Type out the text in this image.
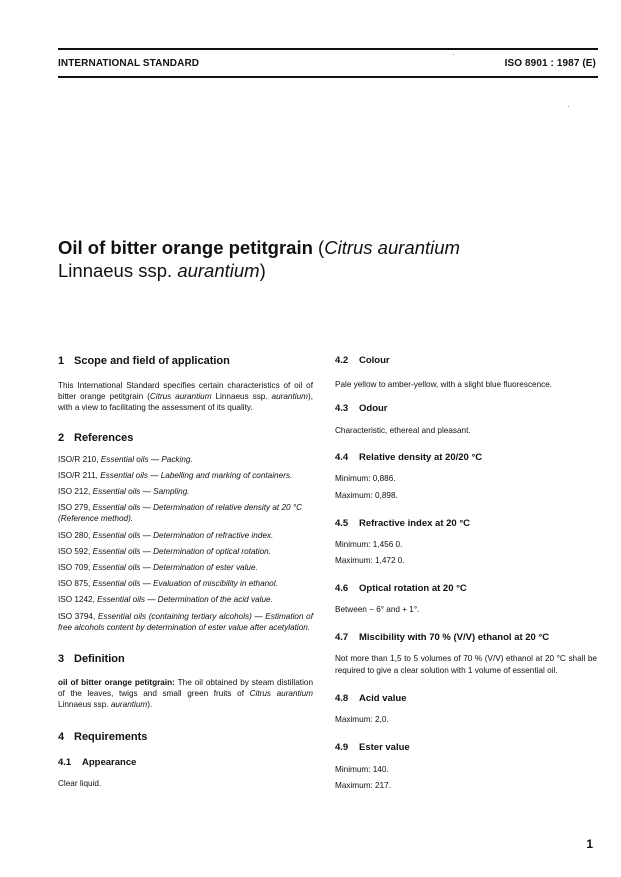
INTERNATIONAL STANDARD	ISO 8901 : 1987 (E)
Oil of bitter orange petitgrain (Citrus aurantium
Linnaeus ssp. aurantium)
1 Scope and field of application

This International Standard specifies certain characteristics of oil of bitter orange petitgrain (Citrus aurantium Linnaeus ssp. aurantium), with a view to facilitating the assessment of its quality.

2 References

ISO/R 210, Essential oils — Packing.

ISO/R 211, Essential oils — Labelling and marking of containers.

ISO 212, Essential oils — Sampling.

ISO 279, Essential oils — Determination of relative density at 20 °C (Reference method).

ISO 280, Essential oils — Determination of refractive index.

ISO 592, Essential oils — Determination of optical rotation.

ISO 709, Essential oils — Determination of ester value.

ISO 875, Essential oils — Evaluation of miscibility in ethanol.

ISO 1242, Essential oils — Determination of the acid value.

ISO 3794, Essential oils (containing tertiary alcohols) — Estimation of free alcohols content by determination of ester value after acetylation.

3 Definition

oil of bitter orange petitgrain: The oil obtained by steam distillation of the leaves, twigs and small green fruits of Citrus aurantium Linnaeus ssp. aurantium).

4 Requirements
4.1 Appearance

Clear liquid.

4.2 Colour

Pale yellow to amber-yellow, with a slight blue fluorescence.

4.3 Odour

Characteristic, ethereal and pleasant.

4.4 Relative density at 20/20 °C

Minimum: 0,886.

Maximum: 0,898.

4.5 Refractive index at 20 °C

Minimum: 1,456 0.

Maximum: 1,472 0.

4.6 Optical rotation at 20 °C

Between − 6° and + 1°.

4.7 Miscibility with 70 % (V/V) ethanol at 20 °C

Not more than 1,5 to 5 volumes of 70 % (V/V) ethanol at 20 °C shall be required to give a clear solution with 1 volume of essential oil.

4.8 Acid value

Maximum: 2,0.

4.9 Ester value

Minimum: 140.

Maximum: 217.

1
